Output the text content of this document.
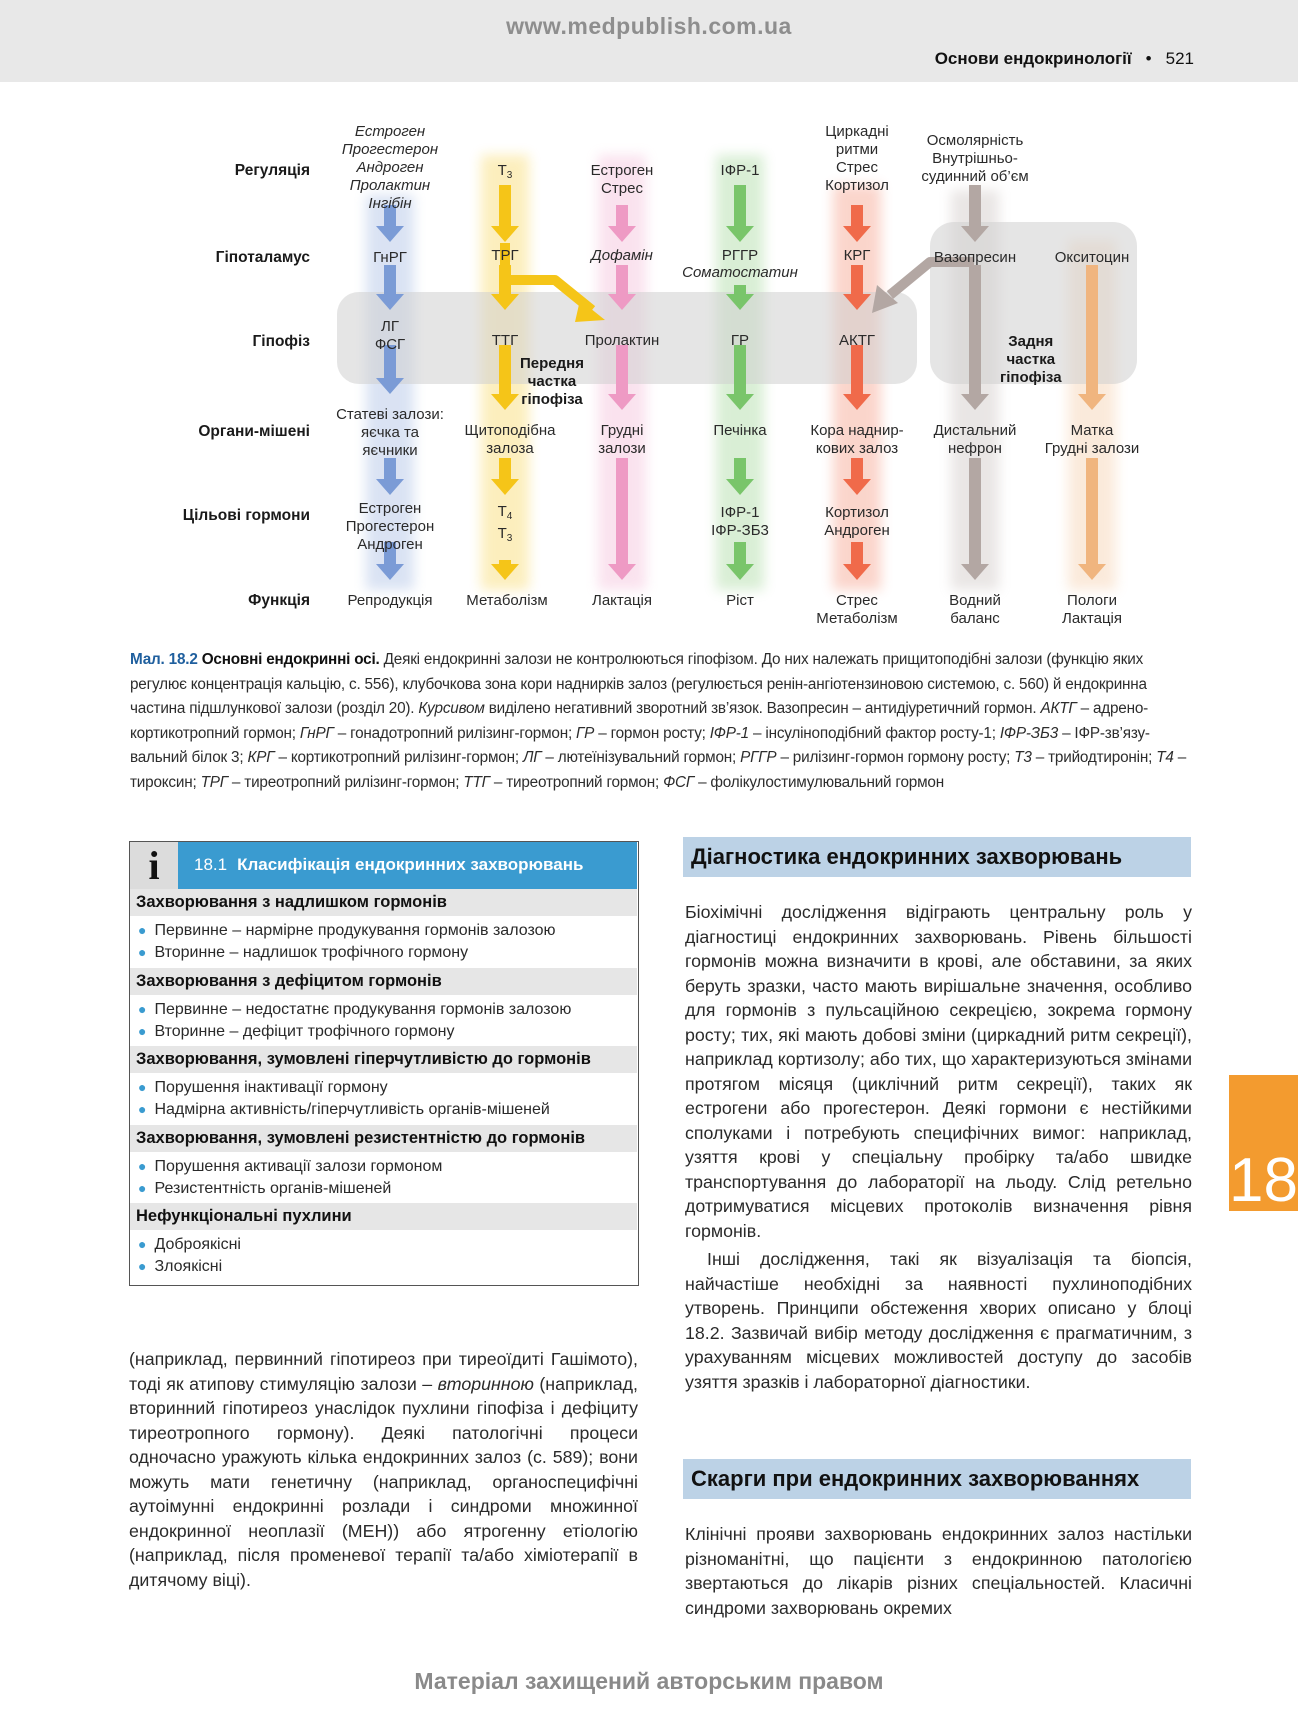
www.medpublish.com.ua
Основи ендокринології • 521
Регуляція
Гіпоталамус
Гіпофіз
Органи-мішені
Цільові гормони
Функція
Передня
частка
гіпофіза
Задня
частка
гіпофіза
Естроген
Прогестерон
Андроген
Пролактин
Інгібін
ГнРГ
ЛГ
ФСГ
Статеві залози:
яєчка та
яєчники
Естроген
Прогестерон
Андроген
Репродукція
$T_3$
ТРГ
ТТГ
Щитоподібна
залоза
$T_4$
$T_3$
Метаболізм
Естроген
Стрес
Дофамін
Пролактин
Грудні
залози
Лактація
ІФР-1
РГГР
Соматостатин
ГР
Печінка
ІФР-1
ІФР-ЗБ3
Ріст
Циркадні
ритми
Стрес
Кортизол
КРГ
АКТГ
Кора наднир-
кових залоз
Кортизол
Андроген
Стрес
Метаболізм
Осмолярність
Внутрішньо-
судинний об’єм
Вазопресин
Дистальний
нефрон
Водний
баланс
Окситоцин
Матка
Грудні залози
Пологи
Лактація
Мал. 18.2 Основні ендокринні осі. Деякі ендокринні залози не контролюються гіпофізом. До них належать прищитоподібні залози (функцію яких регулює концентрація кальцію, с. 556), клубочкова зона кори наднирків залоз (регулюється ренін-ангіотензиновою системою, с. 560) й ендокринна частина підшлункової залози (розділ 20). Курсивом виділено негативний зворотний зв’язок. Вазопресин – антидіуретичний гормон. АКТГ – адрено-кортикотропний гормон; ГнРГ – гонадотропний рилізинг-гормон; ГР – гормон росту; ІФР-1 – інсуліноподібний фактор росту-1; ІФР-ЗБ3 – ІФР-зв’язу-вальний білок 3; КРГ – кортикотропний рилізинг-гормон; ЛГ – лютеїнізувальний гормон; РГГР – рилізинг-гормон гормону росту; T3 – трийодтиронін; T4 – тироксин; ТРГ – тиреотропний рилізинг-гормон; ТТГ – тиреотропний гормон; ФСГ – фолікулостимулювальний гормон
i	18.1 Класифікація ендокринних захворювань
Захворювання з надлишком гормонів
● Первинне – нармірне продукування гормонів залозою
● Вторинне – надлишок трофічного гормону
Захворювання з дефіцитом гормонів
● Первинне – недостатнє продукування гормонів залозою
● Вторинне – дефіцит трофічного гормону
Захворювання, зумовлені гіперчутливістю до гормонів
● Порушення інактивації гормону
● Надмірна активність/гіперчутливість органів-мішеней
Захворювання, зумовлені резистентністю до гормонів
● Порушення активації залози гормоном
● Резистентність органів-мішеней
Нефункціональні пухлини
● Доброякісні
● Злоякісні
(наприклад, первинний гіпотиреоз при тиреоїдиті Гашімото), тоді як атипову стимуляцію залози – вторинною (наприклад, вторинний гіпотиреоз унаслідок пухлини гіпофіза і дефіциту тиреотропного гормону). Деякі патологічні процеси одночасно уражують кілька ендокринних залоз (с. 589); вони можуть мати генетичну (наприклад, органоспецифічні аутоімунні ендокринні розлади і синдроми множинної ендокринної неоплазії (МЕН)) або ятрогенну етіологію (наприклад, після променевої терапії та/або хіміотерапії в дитячому віці).
Діагностика ендокринних захворювань
Біохімічні дослідження відіграють центральну роль у діагностиці ендокринних захворювань. Рівень більшості гормонів можна визначити в крові, але обставини, за яких беруть зразки, часто мають вирішальне значення, особливо для гормонів з пульсаційною секрецією, зокрема гормону росту; тих, які мають добові зміни (циркадний ритм секреції), наприклад кортизолу; або тих, що характеризуються змінами протягом місяця (циклічний ритм секреції), таких як естрогени або прогестерон. Деякі гормони є нестійкими сполуками і потребують специфічних вимог: наприклад, узяття крові у спеціальну пробірку та/або швидке транспортування до лабораторії на льоду. Слід ретельно дотримуватися місцевих протоколів визначення рівня гормонів.
Інші дослідження, такі як візуалізація та біопсія, найчастіше необхідні за наявності пухлиноподібних утворень. Принципи обстеження хворих описано у блоці 18.2. Зазвичай вибір методу дослідження є прагматичним, з урахуванням місцевих можливостей доступу до засобів узяття зразків і лабораторної діагностики.
Скарги при ендокринних захворюваннях
Клінічні прояви захворювань ендокринних залоз настільки різноманітні, що пацієнти з ендокринною патологією звертаються до лікарів різних спеціальностей. Класичні синдроми захворювань окремих
18
Матеріал захищений авторським правом
